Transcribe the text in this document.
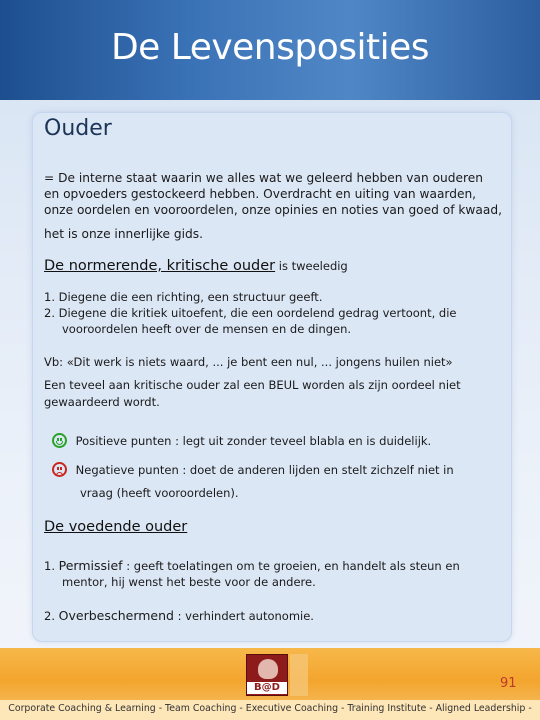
De Levensposities
Ouder
= De interne staat waarin we alles wat we geleerd hebben van ouderen
en opvoeders gestockeerd hebben. Overdracht en uiting van waarden,
onze oordelen en vooroordelen, onze opinies en noties van goed of kwaad,
het is onze innerlijke gids.
De normerende, kritische ouder is tweeledig
1. Diegene die een richting, een structuur geeft.
2. Diegene die kritiek uitoefent, die een oordelend gedrag vertoont, die
vooroordelen heeft over de mensen en de dingen.
Vb: «Dit werk is niets waard, ... je bent een nul, ... jongens huilen niet»
Een teveel aan kritische ouder zal een BEUL worden als zijn oordeel niet
gewaardeerd wordt.
Positieve punten : legt uit zonder teveel blabla en is duidelijk.
Negatieve punten : doet de anderen lijden en stelt zichzelf niet in
vraag (heeft vooroordelen).
De voedende ouder
1. Permissief : geeft toelatingen om te groeien, en handelt als steun en
mentor, hij wenst het beste voor de andere.
2. Overbeschermend : verhindert autonomie.
B@D	91
Corporate Coaching & Learning - Team Coaching - Executive Coaching - Training Institute - Aligned Leadership -
